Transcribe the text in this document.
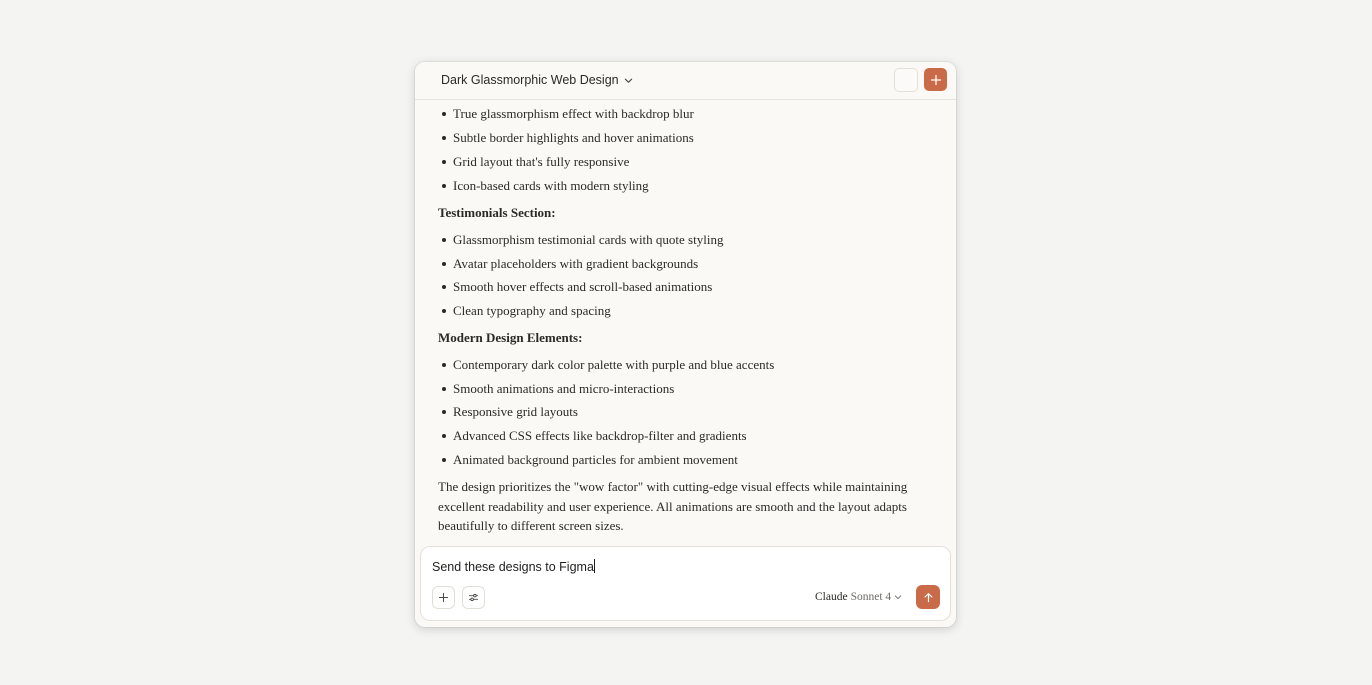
Dark Glassmorphic Web Design
True glassmorphism effect with backdrop blur
Subtle border highlights and hover animations
Grid layout that's fully responsive
Icon-based cards with modern styling
Testimonials Section:
Glassmorphism testimonial cards with quote styling
Avatar placeholders with gradient backgrounds
Smooth hover effects and scroll-based animations
Clean typography and spacing
Modern Design Elements:
Contemporary dark color palette with purple and blue accents
Smooth animations and micro-interactions
Responsive grid layouts
Advanced CSS effects like backdrop-filter and gradients
Animated background particles for ambient movement
The design prioritizes the "wow factor" with cutting-edge visual effects while maintaining excellent readability and user experience. All animations are smooth and the layout adapts beautifully to different screen sizes.
Send these designs to Figma
Claude Sonnet 4
